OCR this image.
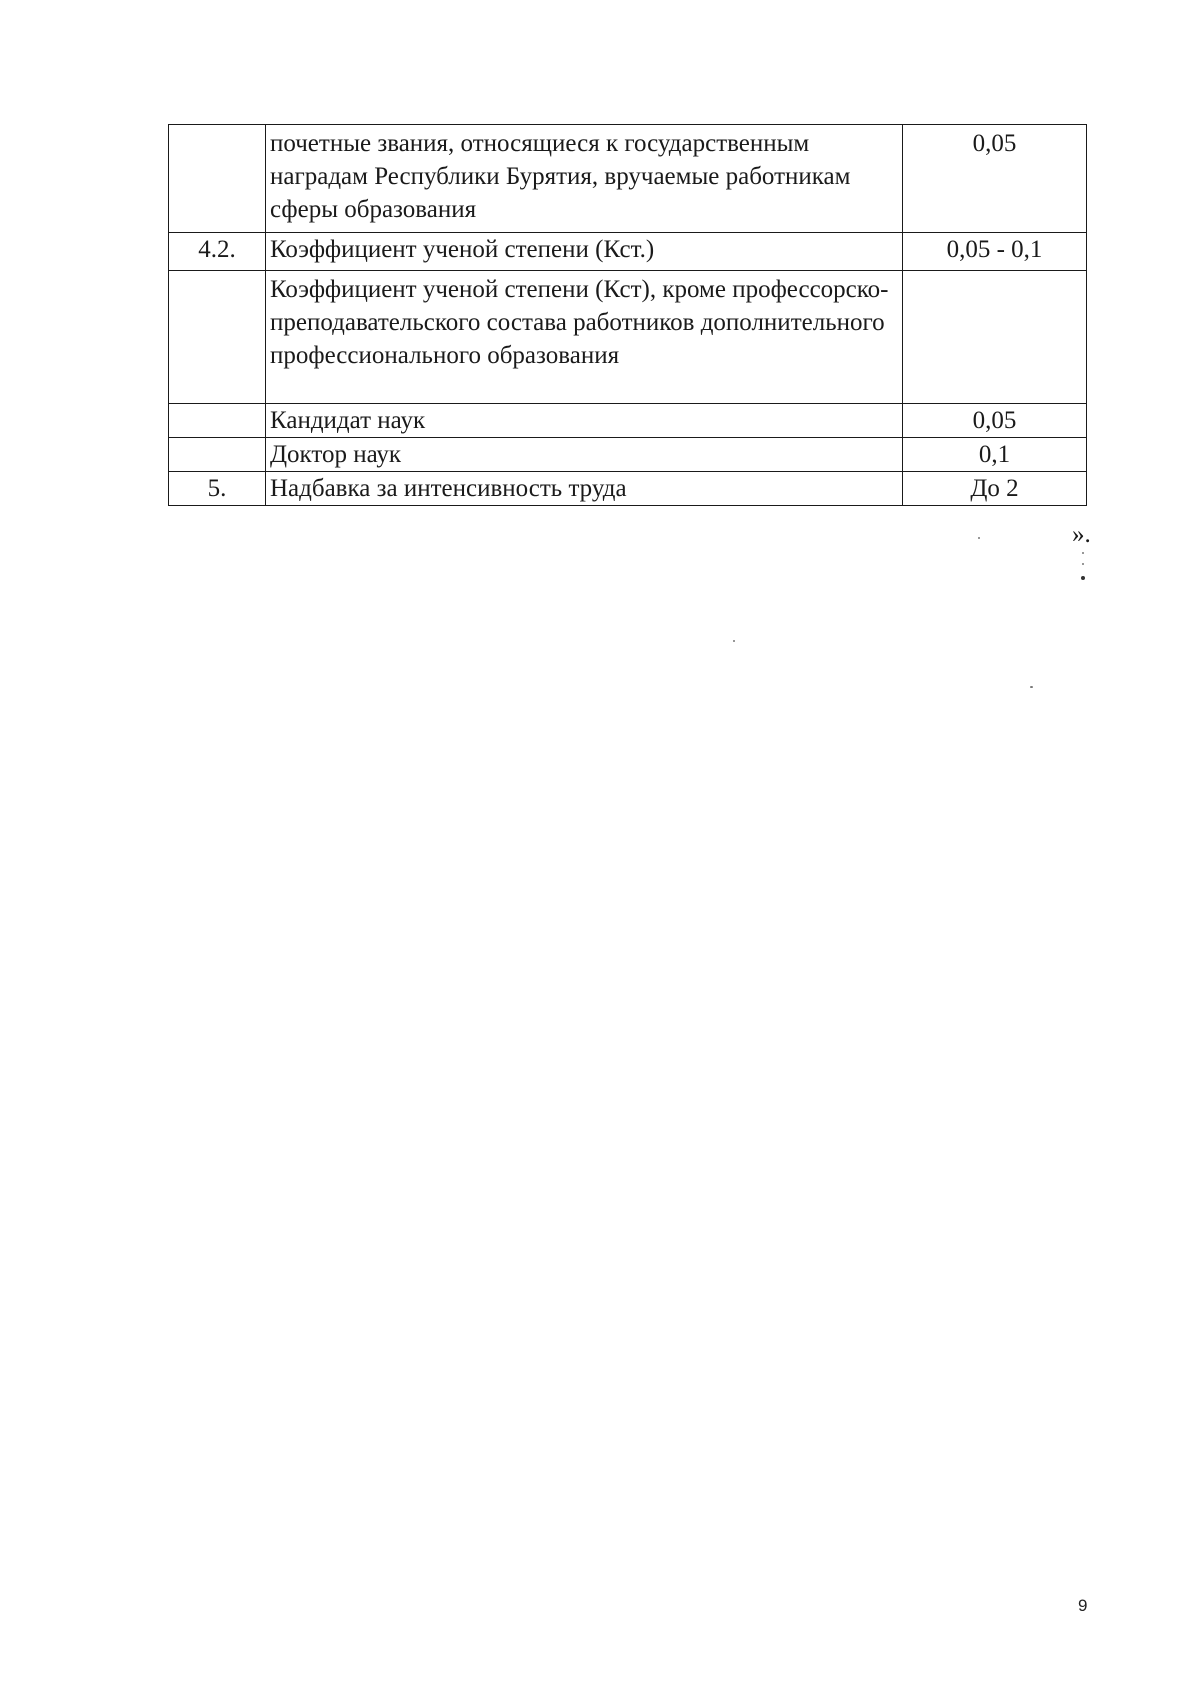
	почетные звания, относящиеся к государственным наградам Республики Бурятия, вручаемые работникам сферы образования	0,05
4.2.	Коэффициент ученой степени (Кст.)	0,05 - 0,1
	Коэффициент ученой степени (Кст), кроме профессорско-преподавательского состава работников дополнительного профессионального образования	
	Кандидат наук	0,05
	Доктор наук	0,1
5.	Надбавка за интенсивность труда	До 2
».
9
